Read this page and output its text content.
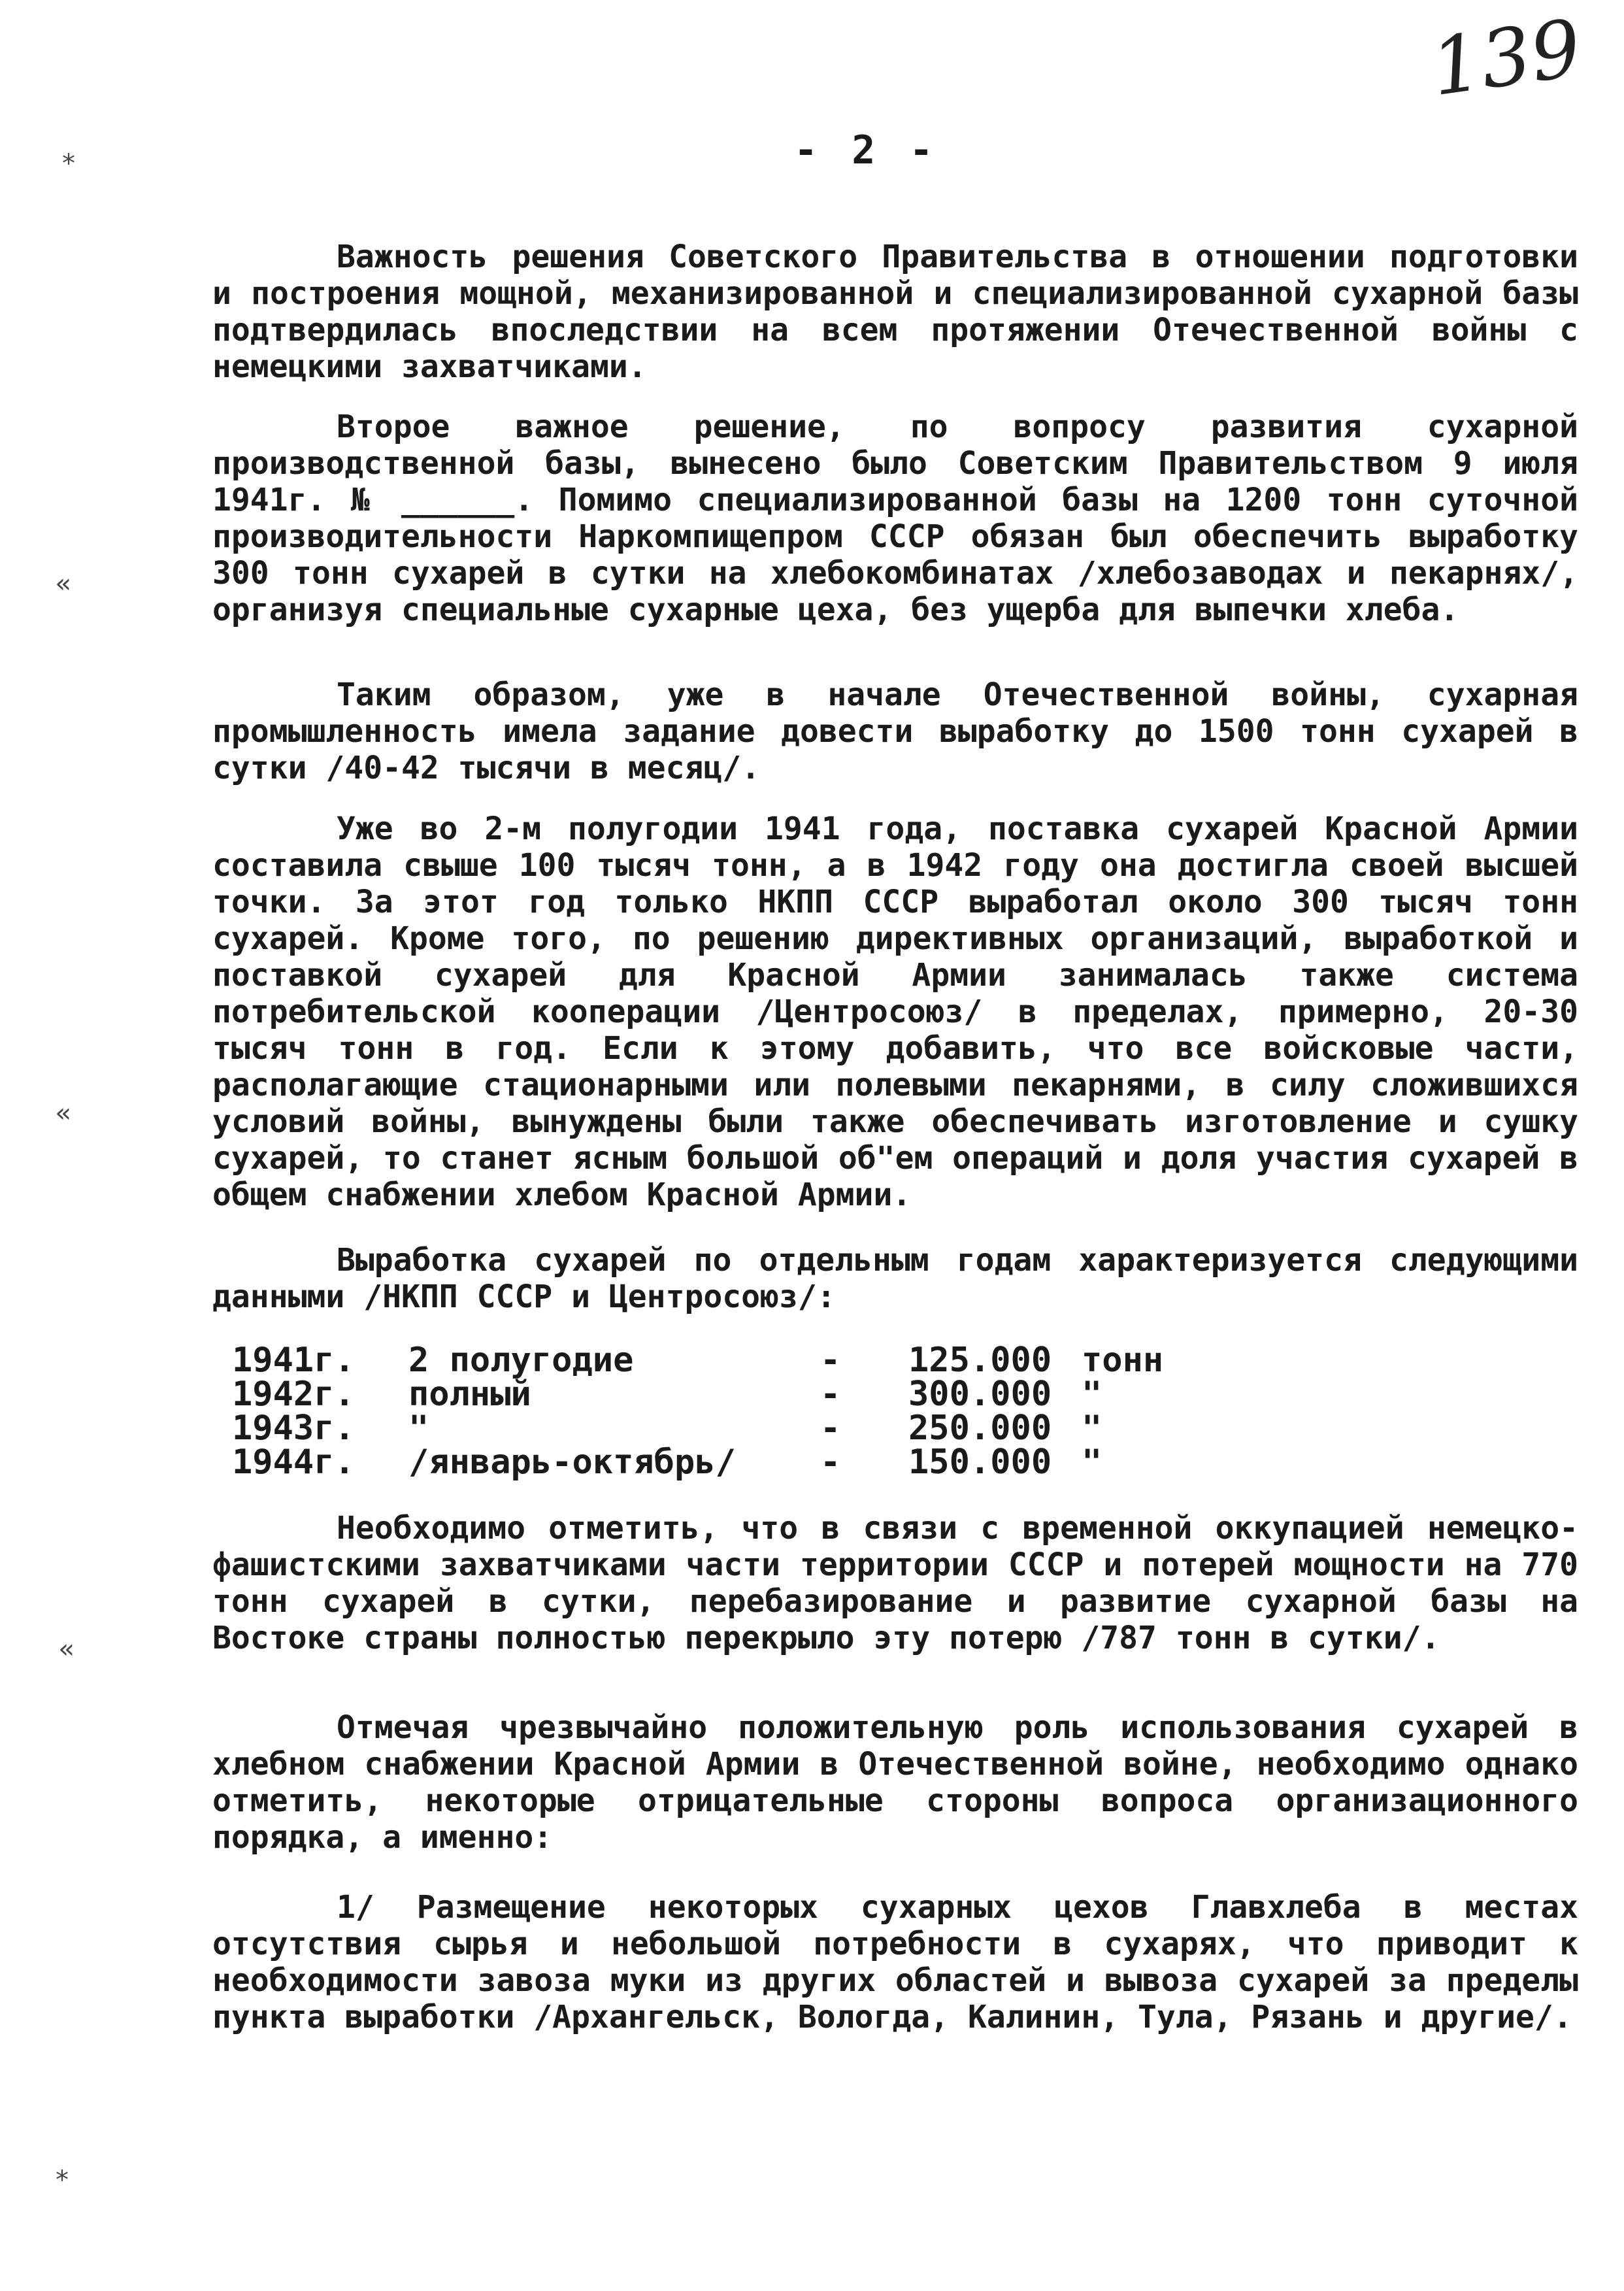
139
- 2 -
⁎
«
«
«
⁎

Важность решения Советского Правительства в отношении подготовки и построения мощной, механизированной и специализированной сухарной базы подтвердилась впоследствии на всем протяжении Отечественной войны с немецкими захватчиками.

Второе важное решение, по вопросу развития сухарной производственной базы, вынесено было Советским Правительством 9 июля 1941г. № ______. Помимо специализированной базы на 1200 тонн суточной производительности Наркомпищепром СССР обязан был обеспечить выработку 300 тонн сухарей в сутки на хлебокомбинатах /хлебозаводах и пекарнях/, организуя специальные сухарные цеха, без ущерба для выпечки хлеба.

Таким образом, уже в начале Отечественной войны, сухарная промышленность имела задание довести выработку до 1500 тонн сухарей в сутки /40-42 тысячи в месяц/.

Уже во 2-м полугодии 1941 года, поставка сухарей Красной Армии составила свыше 100 тысяч тонн, а в 1942 году она достигла своей высшей точки. За этот год только НКПП СССР выработал около 300 тысяч тонн сухарей. Кроме того, по решению директивных организаций, выработкой и поставкой сухарей для Красной Армии занималась также система потребительской кооперации /Центросоюз/ в пределах, примерно, 20-30 тысяч тонн в год. Если к этому добавить, что все войсковые части, располагающие стационарными или полевыми пекарнями, в силу сложившихся условий войны, вынуждены были также обеспечивать изготовление и сушку сухарей, то станет ясным большой об"ем операций и доля участия сухарей в общем снабжении хлебом Красной Армии.

Выработка сухарей по отдельным годам характеризуется следующими данными /НКПП СССР и Центросоюз/:

1941г. 2 полугодие	- 125.000 тонн
1942г. полный	- 300.000 "
1943г. "	- 250.000 "
1944г. /январь-октябрь/ - 150.000 "

Необходимо отметить, что в связи с временной оккупацией немецко-фашистскими захватчиками части территории СССР и потерей мощности на 770 тонн сухарей в сутки, перебазирование и развитие сухарной базы на Востоке страны полностью перекрыло эту потерю /787 тонн в сутки/.

Отмечая чрезвычайно положительную роль использования сухарей в хлебном снабжении Красной Армии в Отечественной войне, необходимо однако отметить, некоторые отрицательные стороны вопроса организационного порядка, а именно:

1/ Размещение некоторых сухарных цехов Главхлеба в местах отсутствия сырья и небольшой потребности в сухарях, что приводит к необходимости завоза муки из других областей и вывоза сухарей за пределы пункта выработки /Архангельск, Вологда, Калинин, Тула, Рязань и другие/.
